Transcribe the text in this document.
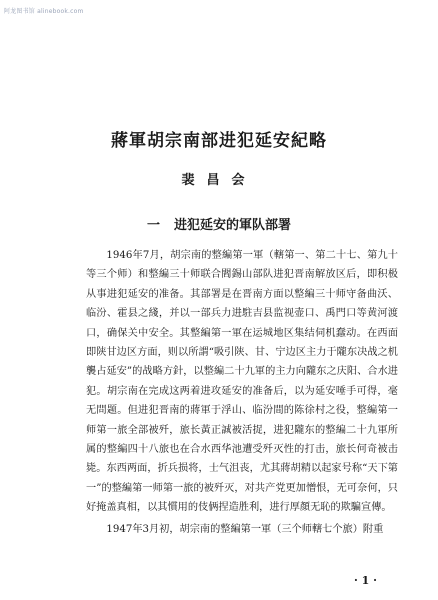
阿龙图书馆 alinebook.com
蔣軍胡宗南部进犯延安紀略
裴昌会
一 进犯延安的軍队部署

1946年7月，胡宗南的整編第一軍（轄第一、第二十七、第九十等三个师）和整編三十师联合閻錫山部队进犯晋南解放区后，即积极从事进犯延安的准备。其部署是在晋南方面以整編三十师守备曲沃、临汾、霍县之綫，并以一部兵力进駐吉县监视壶口、禹門口等黄河渡口，确保关中安全。其整編第一軍在运城地区集结伺机蠢动。在西面即陕甘边区方面，则以所謂“吸引陕、甘、宁边区主力于隴东决战之机襲占延安”的战略方針，以整編二十九軍的主力向隴东之庆阳、合水进犯。胡宗南在完成这两着进攻延安的准备后，以为延安唾手可得，毫无問题。但进犯晋南的蔣軍于浮山、临汾間的陈徐村之役，整編第一师第一旅全部被歼，旅长黃正誠被活捉，进犯隴东的整編二十九軍所属的整編四十八旅也在合水西华池遭受歼灭性的打击，旅长何奇被击毙。东西两面，折兵损将，士气沮丧，尤其蔣胡精以起家号称“天下第一”的整編第一师第一旅的被歼灭，对共产党更加憎恨，无可奈何，只好掩盖真相，以其慣用的伎俩捏造胜利，进行厚顏无恥的欺騙宣傳。

1947年3月初，胡宗南的整編第一軍（三个师轄七个旅）附重

· 1 ·
